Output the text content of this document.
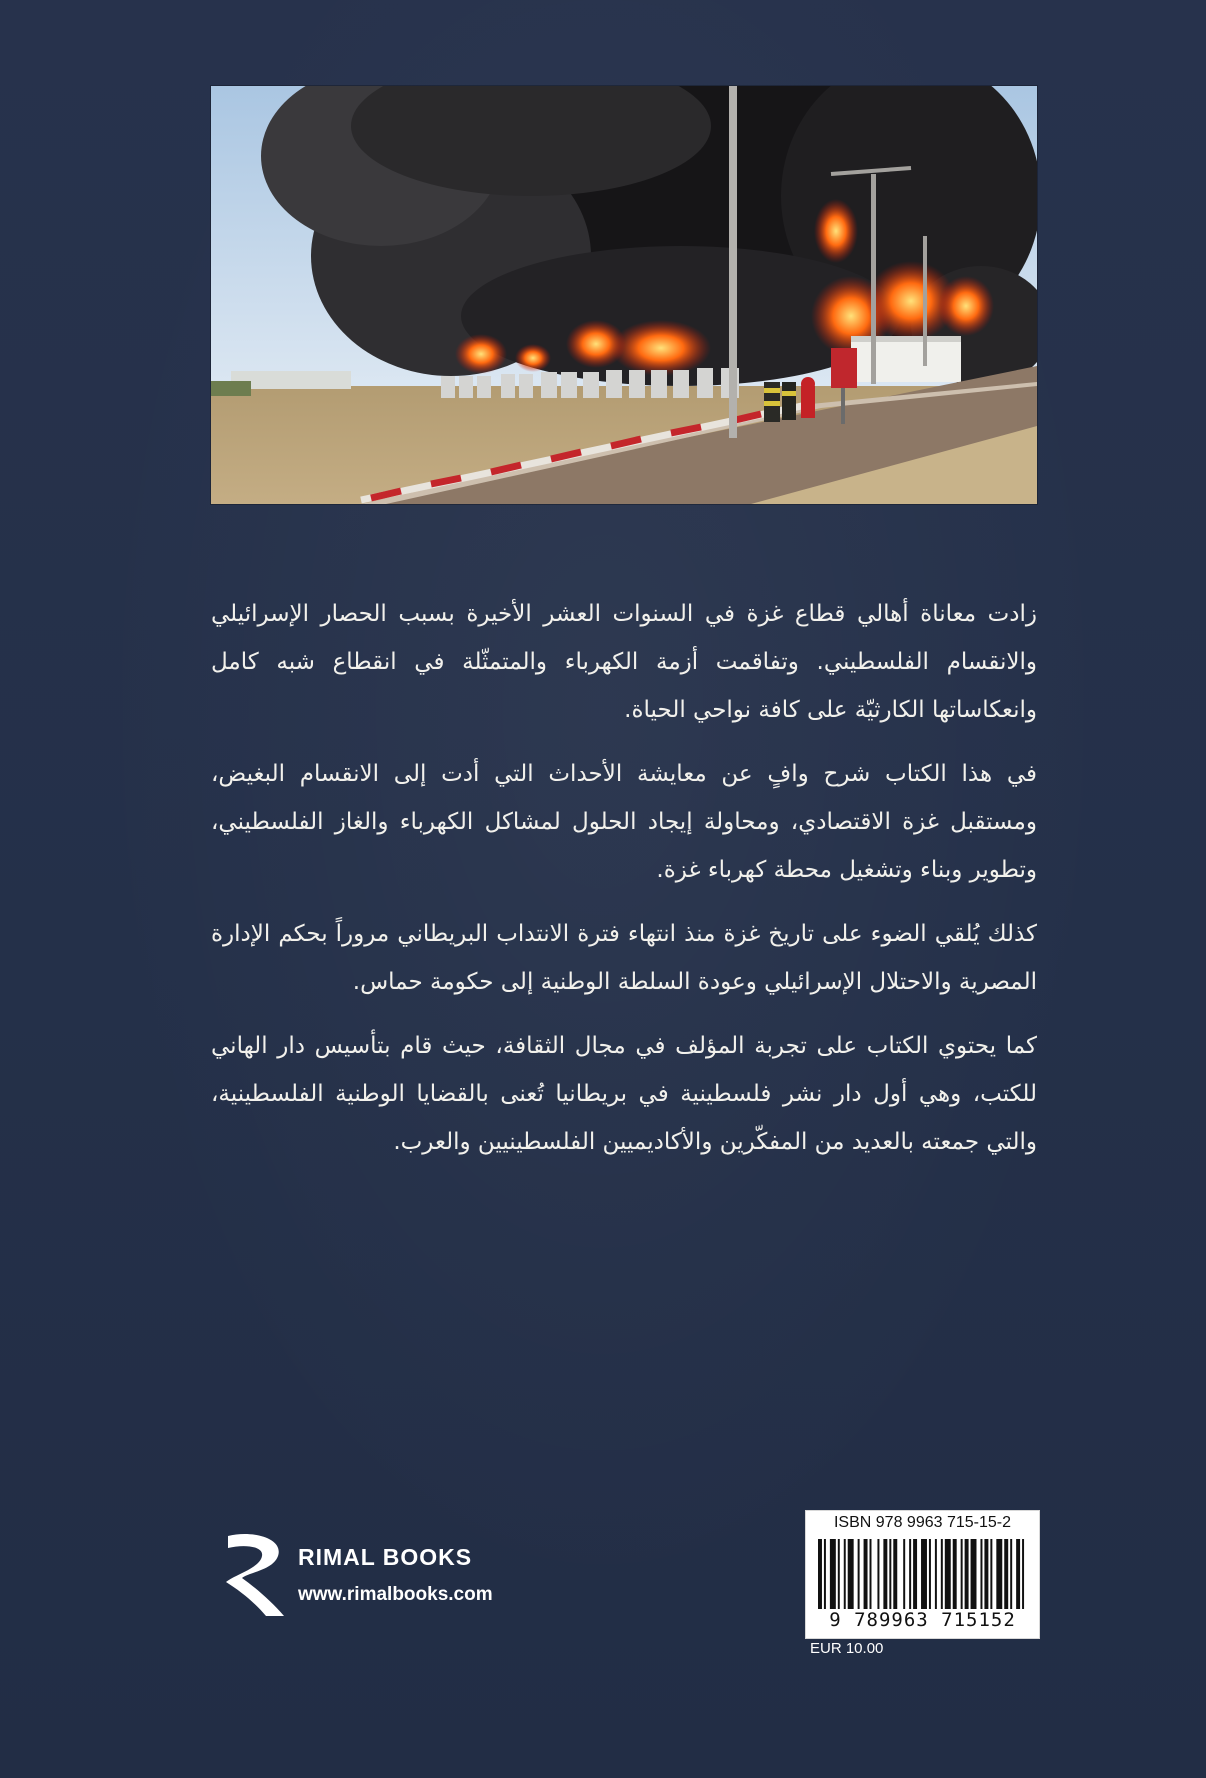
زادت معاناة أهالي قطاع غزة في السنوات العشر الأخيرة بسبب الحصار الإسرائيلي والانقسام الفلسطيني. وتفاقمت أزمة الكهرباء والمتمثّلة في انقطاع شبه كامل وانعكاساتها الكارثيّة على كافة نواحي الحياة.

في هذا الكتاب شرح وافٍ عن معايشة الأحداث التي أدت إلى الانقسام البغيض، ومستقبل غزة الاقتصادي، ومحاولة إيجاد الحلول لمشاكل الكهرباء والغاز الفلسطيني، وتطوير وبناء وتشغيل محطة كهرباء غزة.

كذلك يُلقي الضوء على تاريخ غزة منذ انتهاء فترة الانتداب البريطاني مروراً بحكم الإدارة المصرية والاحتلال الإسرائيلي وعودة السلطة الوطنية إلى حكومة حماس.

كما يحتوي الكتاب على تجربة المؤلف في مجال الثقافة، حيث قام بتأسيس دار الهاني للكتب، وهي أول دار نشر فلسطينية في بريطانيا تُعنى بالقضايا الوطنية الفلسطينية، والتي جمعته بالعديد من المفكّرين والأكاديميين الفلسطينيين والعرب.

RIMAL BOOKS
www.rimalbooks.com
ISBN 978 9963 715-15-2
9 789963 715152
EUR 10.00
